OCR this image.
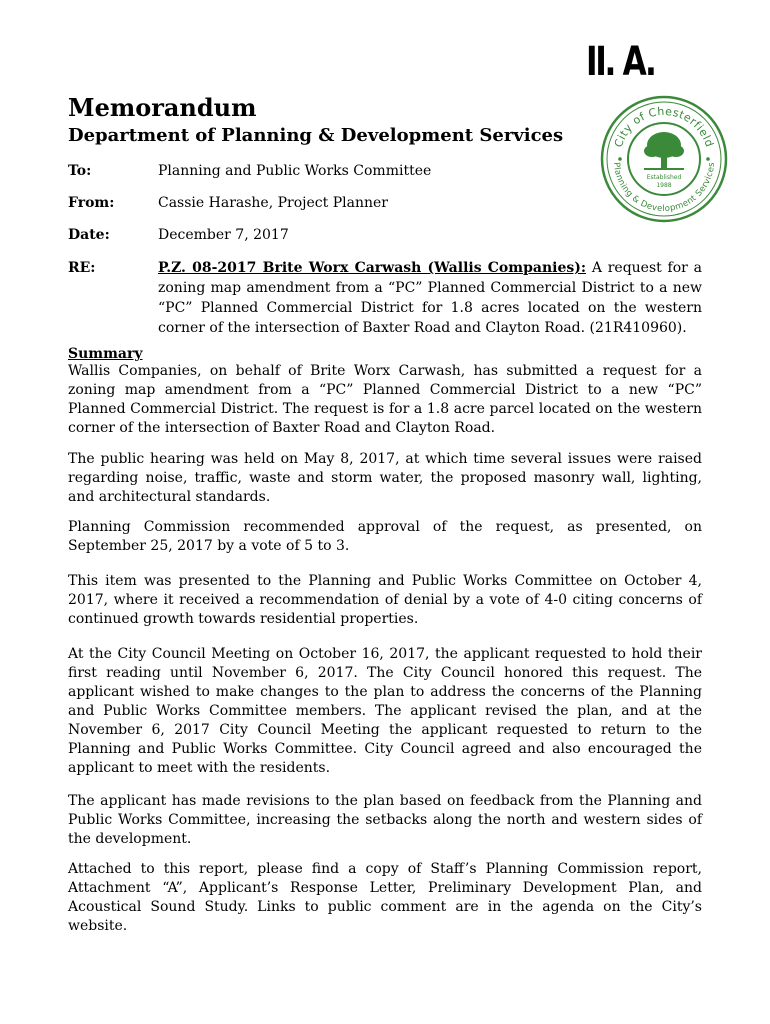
II. A.
Memorandum
Department of Planning & Development Services	City of Chesterfield
Planning & Development Services
Established
1988
To:	Planning and Public Works Committee
From:	Cassie Harashe, Project Planner
Date:	December 7, 2017
RE:	P.Z. 08-2017 Brite Worx Carwash (Wallis Companies): A request for a zoning map amendment from a “PC” Planned Commercial District to a new “PC” Planned Commercial District for 1.8 acres located on the western corner of the intersection of Baxter Road and Clayton Road. (21R410960).
Summary

Wallis Companies, on behalf of Brite Worx Carwash, has submitted a request for a zoning map amendment from a “PC” Planned Commercial District to a new “PC” Planned Commercial District. The request is for a 1.8 acre parcel located on the western corner of the intersection of Baxter Road and Clayton Road.

The public hearing was held on May 8, 2017, at which time several issues were raised regarding noise, traffic, waste and storm water, the proposed masonry wall, lighting, and architectural standards.

Planning Commission recommended approval of the request, as presented, on September 25, 2017 by a vote of 5 to 3.

This item was presented to the Planning and Public Works Committee on October 4, 2017, where it received a recommendation of denial by a vote of 4-0 citing concerns of continued growth towards residential properties.

At the City Council Meeting on October 16, 2017, the applicant requested to hold their first reading until November 6, 2017. The City Council honored this request. The applicant wished to make changes to the plan to address the concerns of the Planning and Public Works Committee members. The applicant revised the plan, and at the November 6, 2017 City Council Meeting the applicant requested to return to the Planning and Public Works Committee. City Council agreed and also encouraged the applicant to meet with the residents.

The applicant has made revisions to the plan based on feedback from the Planning and Public Works Committee, increasing the setbacks along the north and western sides of the development.

Attached to this report, please find a copy of Staff’s Planning Commission report, Attachment “A”, Applicant’s Response Letter, Preliminary Development Plan, and Acoustical Sound Study. Links to public comment are in the agenda on the City’s website.
